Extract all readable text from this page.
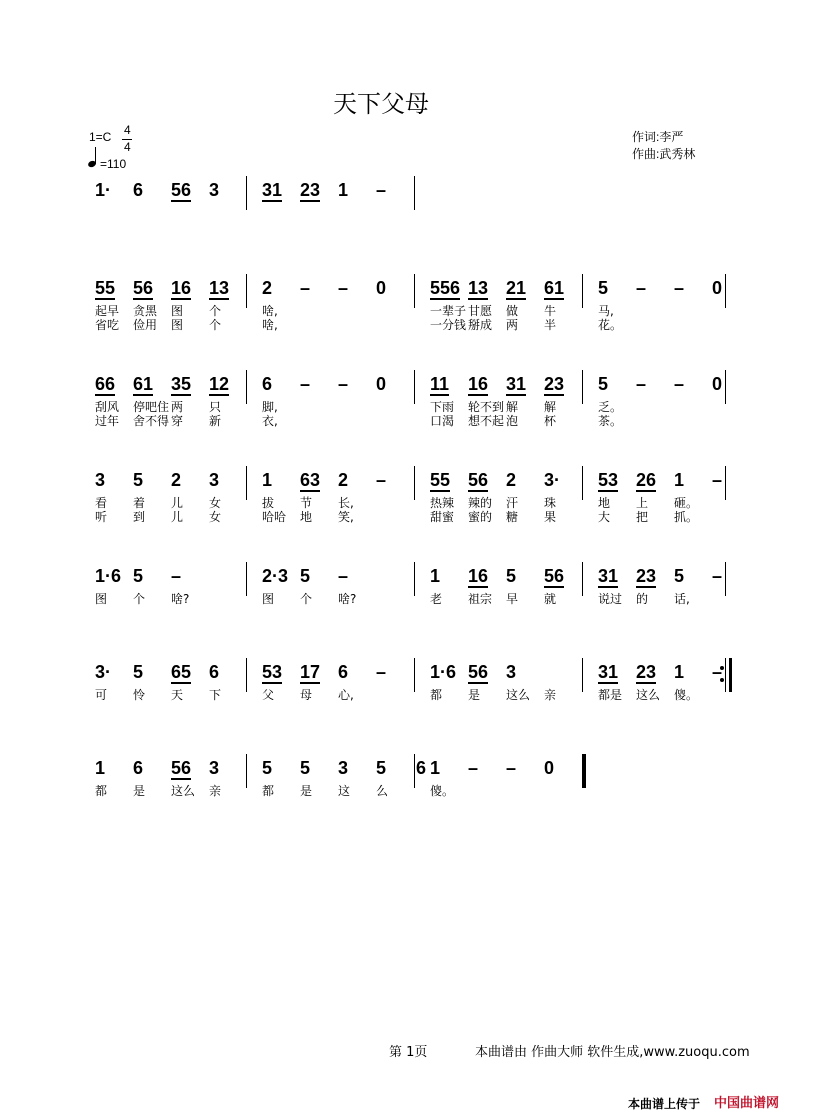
天下父母
1=C 4
4
=110
作词:李严
作曲:武秀林
1· 6 56 3 31 23 1 –
55 56 16 13
起早 贪黑 图 个
省吃 俭用 图 个
2 – – 0
啥,
啥,
556 13 21 61
一辈子 甘愿 做 牛
一分钱 掰成 两 半
5 – – 0
马,
花。
66 61 35 12
刮风 停吧住 两 只
过年 舍不得 穿 新
6 – – 0
脚,
衣,
11 16 31 23
下雨 轮不到 解 解
口渴 想不起 泡 杯
5 – – 0
乏。
茶。
3 5 2 3
看 着 儿 女
听 到 儿 女
1 63 2 –
拔 节 长,
哈哈 地 笑,
55 56 2 3·
热辣 辣的 汗 珠
甜蜜 蜜的 糖 果
53 26 1 –
地 上 砸。
大 把 抓。
1·6 5 –
图 个 啥?
2·3 5 –
图 个 啥?
1 16 5 56
老 祖宗 早 就
31 23 5 –
说过 的 话,
3· 5 65 6
可 怜 天 下
53 17 6 –
父 母 心,
1·6 56 3
都 是 这么 亲
31 23 1 –
都是 这么 傻。
1 6 56 3
都 是 这么 亲
5 5 3 5 6
都 是 这 么
1 – – 0
傻。
第 1页	本曲谱由 作曲大师 软件生成,www.zuoqu.com
本曲谱上传于 中国曲谱网
